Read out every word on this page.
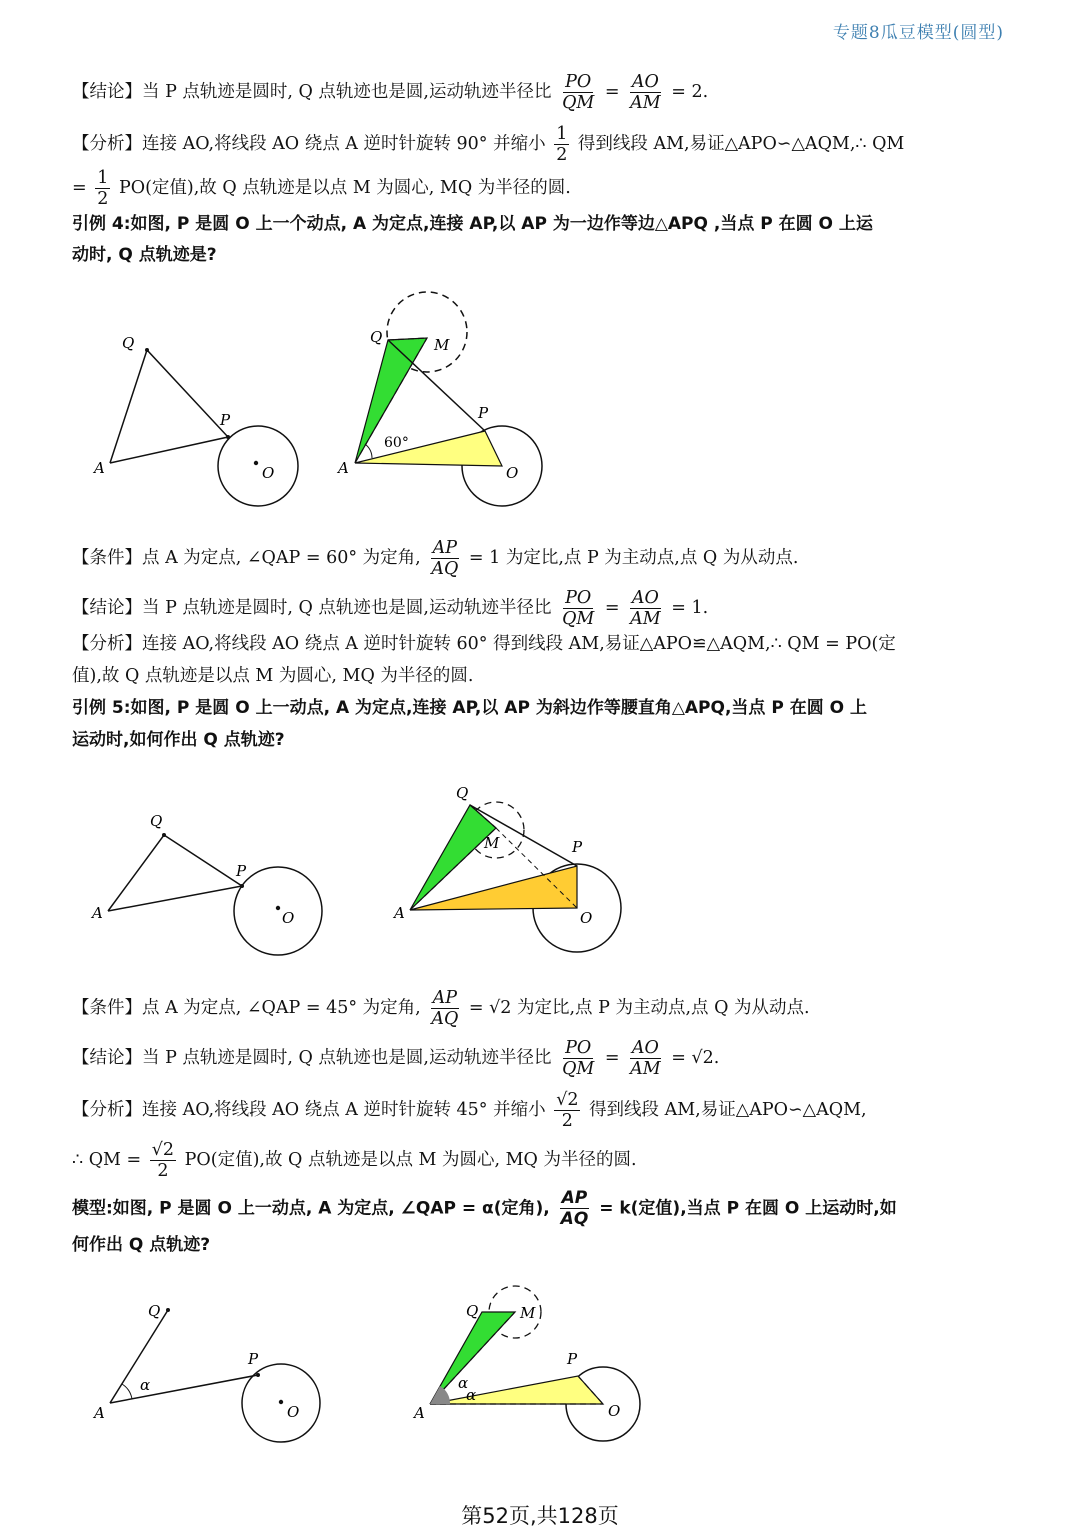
专题8瓜豆模型(圆型)
【结论】当 P 点轨迹是圆时, Q 点轨迹也是圆,运动轨迹半径比 $\frac{PO}{QM} = \frac{AO}{AM} = 2$.
【分析】连接 AO,将线段 AO 绕点 A 逆时针旋转 90° 并缩小 $\frac{1}{2}$ 得到线段 AM,易证△APO∽△AQM,∴ QM
= $\frac{1}{2} PO$(定值),故 Q 点轨迹是以点 M 为圆心, MQ 为半径的圆.
引例 4:如图, P 是圆 O 上一个动点, A 为定点,连接 AP,以 AP 为一边作等边△APQ ,当点 P 在圆 O 上运
动时, Q 点轨迹是?
A
Q
P
O
60°
A
Q	M
P
O
【条件】点 A 为定点, ∠QAP = 60° 为定角, $\frac{AP}{AQ} = 1$ 为定比,点 P 为主动点,点 Q 为从动点.
【结论】当 P 点轨迹是圆时, Q 点轨迹也是圆,运动轨迹半径比 $\frac{PO}{QM} = \frac{AO}{AM} = 1$.
【分析】连接 AO,将线段 AO 绕点 A 逆时针旋转 60° 得到线段 AM,易证△APO≌△AQM,∴ QM = PO(定
值),故 Q 点轨迹是以点 M 为圆心, MQ 为半径的圆.
引例 5:如图, P 是圆 O 上一动点, A 为定点,连接 AP,以 AP 为斜边作等腰直角△APQ,当点 P 在圆 O 上
运动时,如何作出 Q 点轨迹?
A
Q
P
O	A
Q
M	P
O
【条件】点 A 为定点, ∠QAP = 45° 为定角, $\frac{AP}{AQ} = √2$ 为定比,点 P 为主动点,点 Q 为从动点.
【结论】当 P 点轨迹是圆时, Q 点轨迹也是圆,运动轨迹半径比 $\frac{PO}{QM} = \frac{AO}{AM} = √2$.
【分析】连接 AO,将线段 AO 绕点 A 逆时针旋转 45° 并缩小 $\frac{√2}{2}$ 得到线段 AM,易证△APO∽△AQM,
∴ QM = $\frac{√2}{2} PO$(定值),故 Q 点轨迹是以点 M 为圆心, MQ 为半径的圆.
模型:如图, P 是圆 O 上一动点, A 为定点, ∠QAP = α(定角), $\frac{AP}{AQ} = k$(定值),当点 P 在圆 O 上运动时,如
何作出 Q 点轨迹?
α
A
Q
P
O
α
α
A
Q	M
P
O
第52页,共128页
